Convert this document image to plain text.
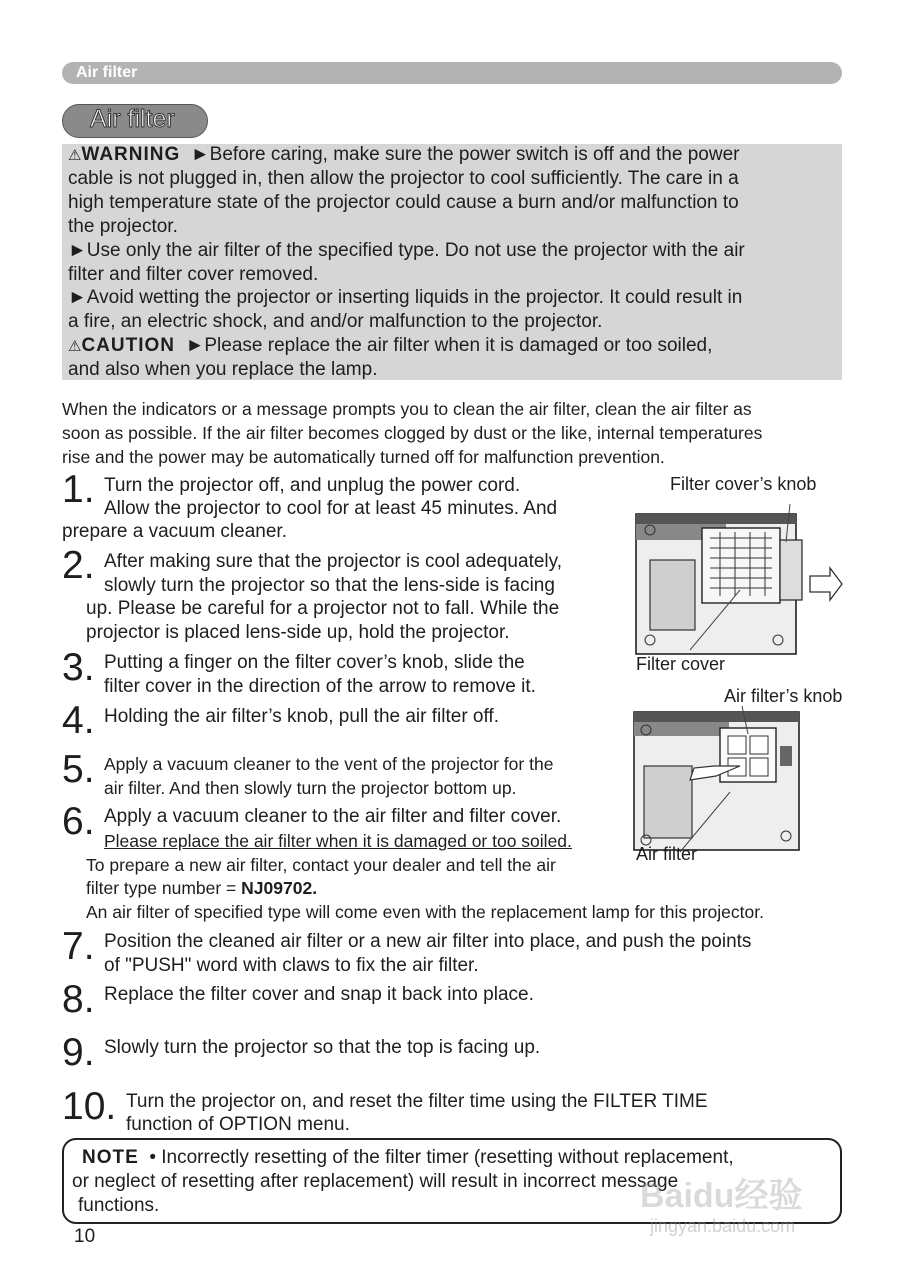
Air filter
Air filter
⚠WARNING ►Before caring, make sure the power switch is off and the power
cable is not plugged in, then allow the projector to cool sufficiently. The care in a
high temperature state of the projector could cause a burn and/or malfunction to
the projector.
►Use only the air filter of the specified type. Do not use the projector with the air
filter and filter cover removed.
►Avoid wetting the projector or inserting liquids in the projector. It could result in
a fire, an electric shock, and and/or malfunction to the projector.
⚠CAUTION ►Please replace the air filter when it is damaged or too soiled,
and also when you replace the lamp.
When the indicators or a message prompts you to clean the air filter, clean the air filter as
soon as possible. If the air filter becomes clogged by dust or the like, internal temperatures
rise and the power may be automatically turned off for malfunction prevention.
1. Turn the projector off, and unplug the power cord.
Allow the projector to cool for at least 45 minutes. And
prepare a vacuum cleaner.
2. After making sure that the projector is cool adequately,
slowly turn the projector so that the lens-side is facing
up. Please be careful for a projector not to fall. While the
projector is placed lens-side up, hold the projector.
3. Putting a finger on the filter cover’s knob, slide the
filter cover in the direction of the arrow to remove it.
4. Holding the air filter’s knob, pull the air filter off.
5. Apply a vacuum cleaner to the vent of the projector for the
air filter. And then slowly turn the projector bottom up.
6. Apply a vacuum cleaner to the air filter and filter cover.
Please replace the air filter when it is damaged or too soiled.
To prepare a new air filter, contact your dealer and tell the air
filter type number = NJ09702.
An air filter of specified type will come even with the replacement lamp for this projector.
7. Position the cleaned air filter or a new air filter into place, and push the points
of "PUSH" word with claws to fix the air filter.
8. Replace the filter cover and snap it back into place.
9. Slowly turn the projector so that the top is facing up.
10. Turn the projector on, and reset the filter time using the FILTER TIME
function of OPTION menu.
Filter cover’s knob
Filter cover
Air filter’s knob
Air filter
NOTE • Incorrectly resetting of the filter timer (resetting without replacement,
or neglect of resetting after replacement) will result in incorrect message
functions.	Baidu经验
jingyan.baidu.com
10
